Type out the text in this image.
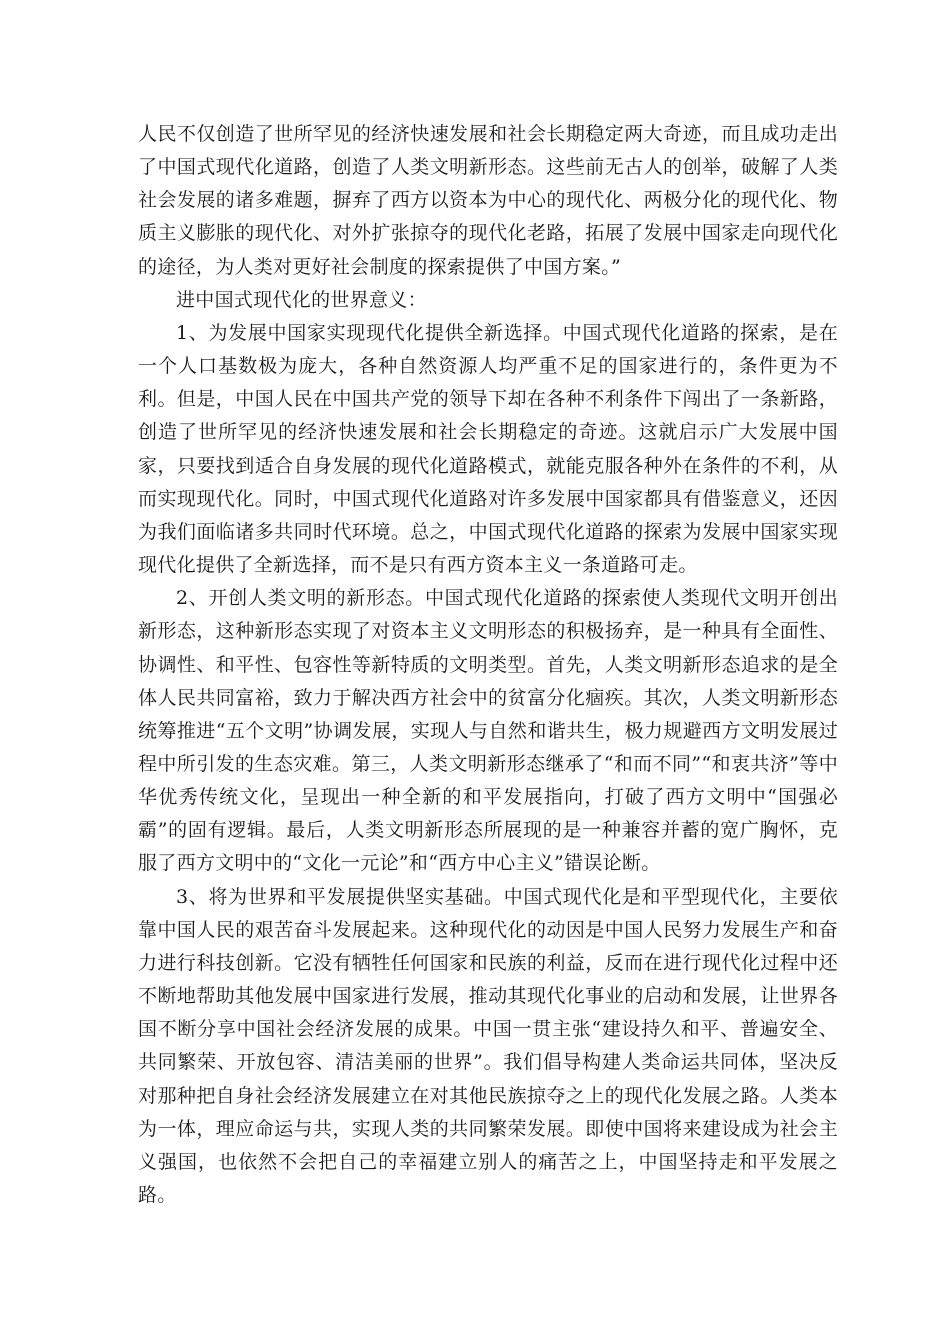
人民不仅创造了世所罕见的经济快速发展和社会长期稳定两大奇迹，而且成功走出了中国式现代化道路，创造了人类文明新形态。这些前无古人的创举，破解了人类社会发展的诸多难题，摒弃了西方以资本为中心的现代化、两极分化的现代化、物质主义膨胀的现代化、对外扩张掠夺的现代化老路，拓展了发展中国家走向现代化的途径，为人类对更好社会制度的探索提供了中国方案。”

进中国式现代化的世界意义：

1、为发展中国家实现现代化提供全新选择。中国式现代化道路的探索，是在一个人口基数极为庞大，各种自然资源人均严重不足的国家进行的，条件更为不利。但是，中国人民在中国共产党的领导下却在各种不利条件下闯出了一条新路，创造了世所罕见的经济快速发展和社会长期稳定的奇迹。这就启示广大发展中国家，只要找到适合自身发展的现代化道路模式，就能克服各种外在条件的不利，从而实现现代化。同时，中国式现代化道路对许多发展中国家都具有借鉴意义，还因为我们面临诸多共同时代环境。总之，中国式现代化道路的探索为发展中国家实现现代化提供了全新选择，而不是只有西方资本主义一条道路可走。

2、开创人类文明的新形态。中国式现代化道路的探索使人类现代文明开创出新形态，这种新形态实现了对资本主义文明形态的积极扬弃，是一种具有全面性、协调性、和平性、包容性等新特质的文明类型。首先，人类文明新形态追求的是全体人民共同富裕，致力于解决西方社会中的贫富分化痼疾。其次，人类文明新形态统筹推进“五个文明”协调发展，实现人与自然和谐共生，极力规避西方文明发展过程中所引发的生态灾难。第三，人类文明新形态继承了“和而不同”“和衷共济”等中华优秀传统文化，呈现出一种全新的和平发展指向，打破了西方文明中“国强必霸”的固有逻辑。最后，人类文明新形态所展现的是一种兼容并蓄的宽广胸怀，克服了西方文明中的“文化一元论”和“西方中心主义”错误论断。

3、将为世界和平发展提供坚实基础。中国式现代化是和平型现代化，主要依靠中国人民的艰苦奋斗发展起来。这种现代化的动因是中国人民努力发展生产和奋力进行科技创新。它没有牺牲任何国家和民族的利益，反而在进行现代化过程中还不断地帮助其他发展中国家进行发展，推动其现代化事业的启动和发展，让世界各国不断分享中国社会经济发展的成果。中国一贯主张“建设持久和平、普遍安全、共同繁荣、开放包容、清洁美丽的世界”。我们倡导构建人类命运共同体，坚决反对那种把自身社会经济发展建立在对其他民族掠夺之上的现代化发展之路。人类本为一体，理应命运与共，实现人类的共同繁荣发展。即使中国将来建设成为社会主义强国，也依然不会把自己的幸福建立别人的痛苦之上，中国坚持走和平发展之路。
